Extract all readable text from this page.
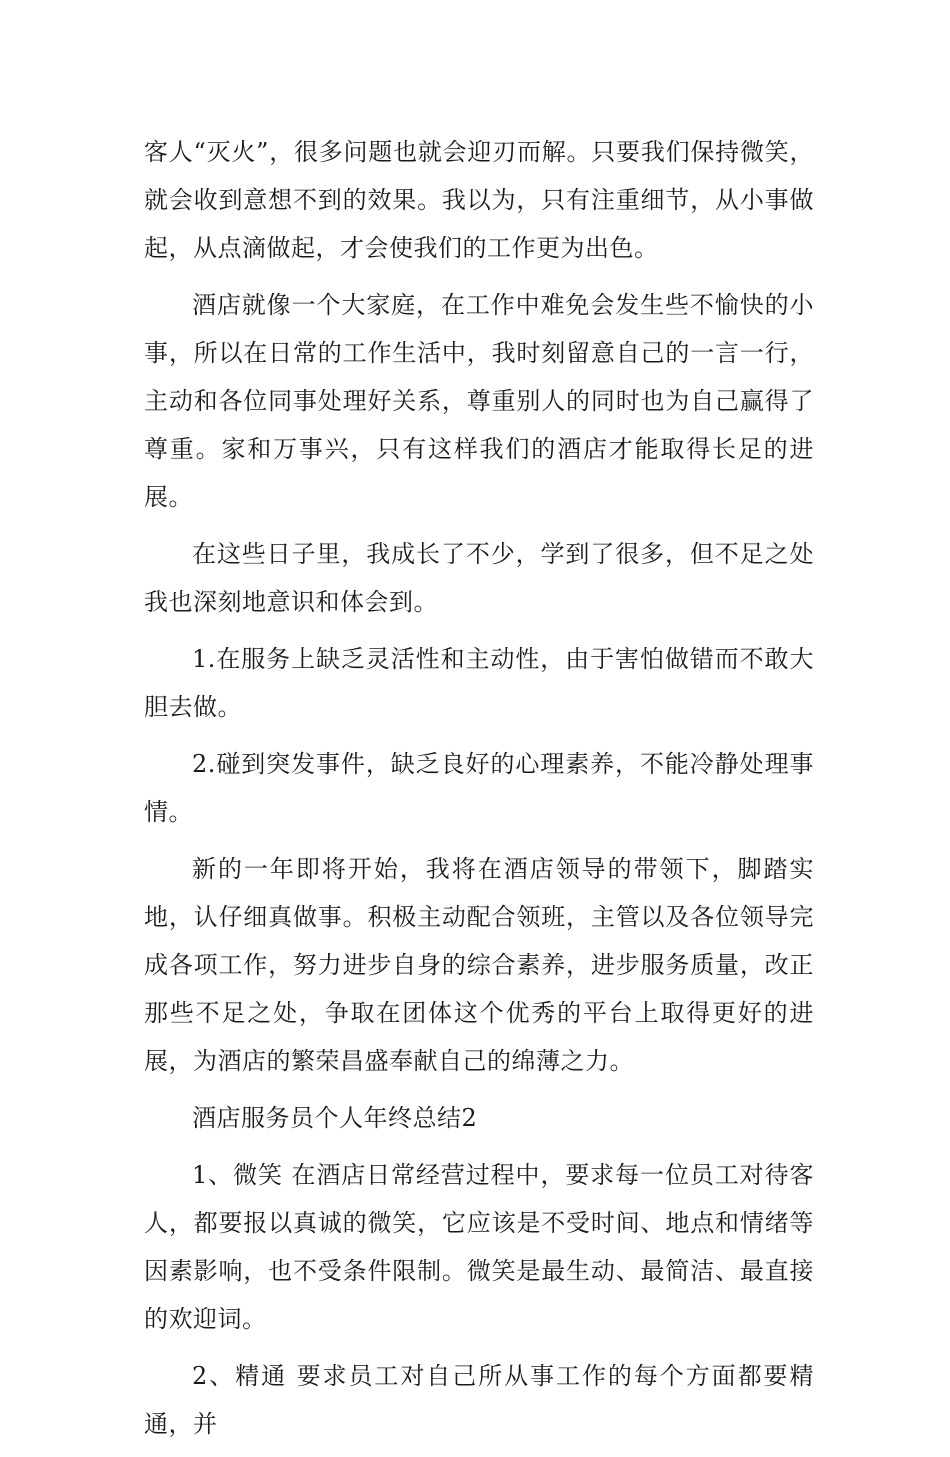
客人“灭火”，很多问题也就会迎刃而解。只要我们保持微笑，就会收到意想不到的效果。我以为，只有注重细节，从小事做起，从点滴做起，才会使我们的工作更为出色。

酒店就像一个大家庭，在工作中难免会发生些不愉快的小事，所以在日常的工作生活中，我时刻留意自己的一言一行，主动和各位同事处理好关系，尊重别人的同时也为自己赢得了尊重。家和万事兴，只有这样我们的酒店才能取得长足的进展。

在这些日子里，我成长了不少，学到了很多，但不足之处我也深刻地意识和体会到。

1.在服务上缺乏灵活性和主动性，由于害怕做错而不敢大胆去做。

2.碰到突发事件，缺乏良好的心理素养，不能冷静处理事情。

新的一年即将开始，我将在酒店领导的带领下，脚踏实地，认仔细真做事。积极主动配合领班，主管以及各位领导完成各项工作，努力进步自身的综合素养，进步服务质量，改正那些不足之处，争取在团体这个优秀的平台上取得更好的进展，为酒店的繁荣昌盛奉献自己的绵薄之力。

酒店服务员个人年终总结2

1、微笑 在酒店日常经营过程中，要求每一位员工对待客人，都要报以真诚的微笑，它应该是不受时间、地点和情绪等因素影响，也不受条件限制。微笑是最生动、最简洁、最直接的欢迎词。

2、精通 要求员工对自己所从事工作的每个方面都要精通，并
